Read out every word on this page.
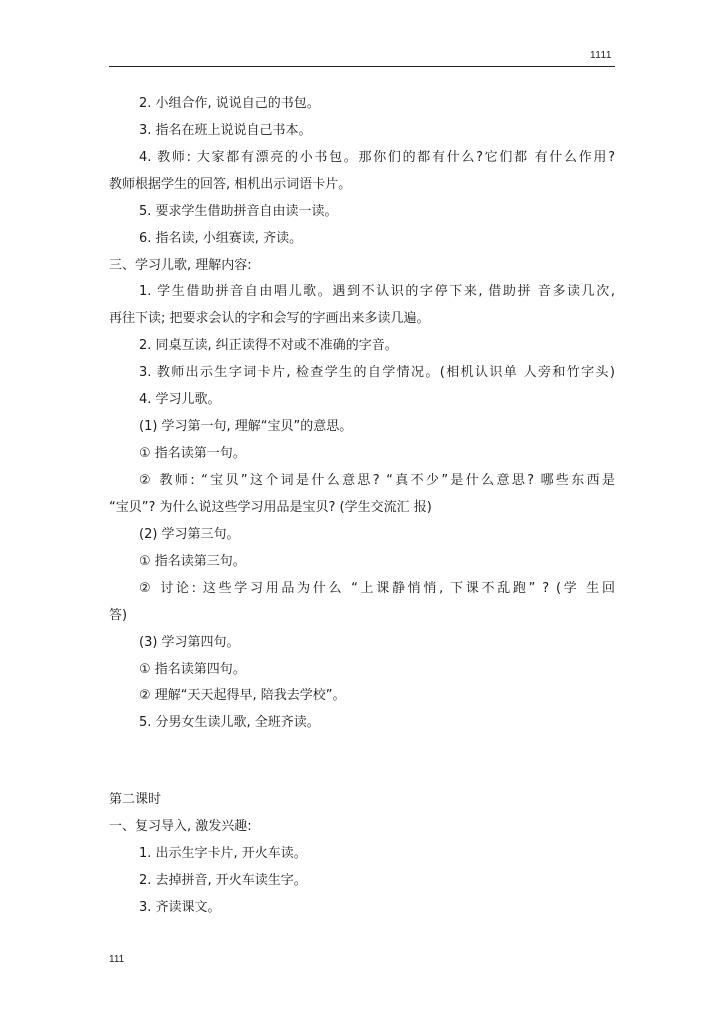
1111
2. 小组合作, 说说自己的书包。
3. 指名在班上说说自己书本。
4. 教师: 大家都有漂亮的小书包。那你们的都有什么?它们都 有什么作用?
教师根据学生的回答, 相机出示词语卡片。
5. 要求学生借助拼音自由读一读。
6. 指名读, 小组赛读, 齐读。
三、学习儿歌, 理解内容:
1. 学生借助拼音自由唱儿歌。遇到不认识的字停下来, 借助拼 音多读几次,
再往下读; 把要求会认的字和会写的字画出来多读几遍。
2. 同桌互读, 纠正读得不对或不准确的字音。
3. 教师出示生字词卡片, 检查学生的自学情况。(相机认识单 人旁和竹字头)
4. 学习儿歌。
(1) 学习第一句, 理解“宝贝”的意思。
① 指名读第一句。
② 教师: “宝贝”这个词是什么意思? “真不少”是什么意思? 哪些东西是
“宝贝”? 为什么说这些学习用品是宝贝? (学生交流汇 报)
(2) 学习第三句。
① 指名读第三句。
② 讨论: 这些学习用品为什么 “上课静悄悄, 下课不乱跑” ? (学 生回
答)
(3) 学习第四句。
① 指名读第四句。
② 理解“天天起得早, 陪我去学校”。
5. 分男女生读儿歌, 全班齐读。
第二课时
一、复习导入, 激发兴趣:
1. 出示生字卡片, 开火车读。
2. 去掉拼音, 开火车读生字。
3. 齐读课文。
111
